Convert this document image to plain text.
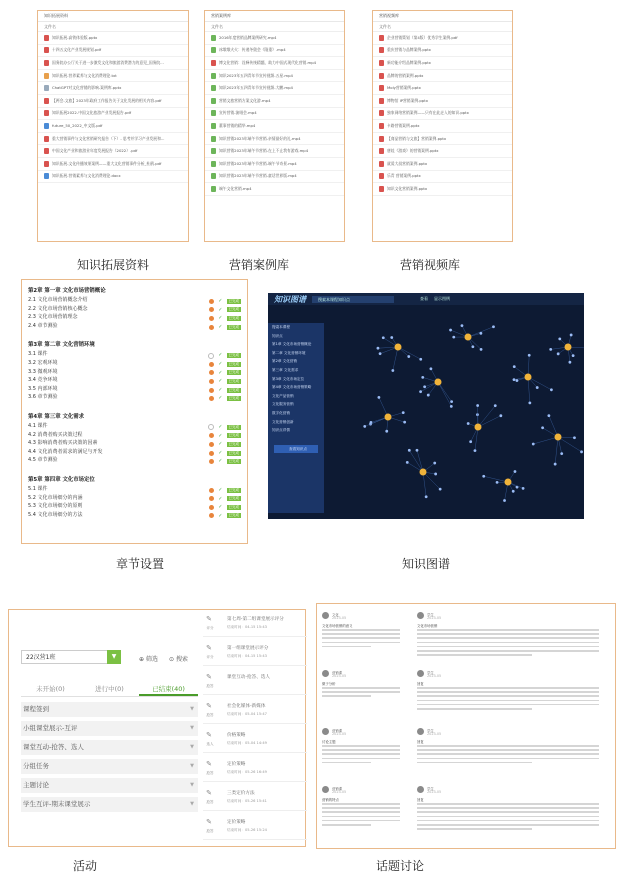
知识拓展资料
文件名
知识拓展-高铁体验版.pptx
十四五文化产业发展规划.pdf
国务院办公厅关于进一步激发文化和旅游消费潜力的意见_国务院...
知识拓展-营养素养与文化消费理论.txt
ChatGPT对文化营销的影响-案例库.pptx
【两会-文旅】2023年政府工作报告关于文化发展的相关内容.pdf
知识拓展2022-中国文化旅游产业发展报告.pdf
future_50_2022_中文版.pdf
重大营销事件与文化营销研究报告（下）- 思考并学习产业发展和...
中国文化产业和旅游业年度发展报告（2022）.pdf
知识拓展-文化传播效果案例——重大文化营销事件分析_杜鹃.pdf
知识拓展-营销素养与文化消费理论.docx
知识拓展资料
营销案例库
文件名
2016年度营销品牌案例研究.mp4
冰墩墩火火：传递冬奥会《隆重》.mp4
博文化营销：诠释传统精髓，助力中国式现代化营销.mp4
知识2023年五四青年节宣传视频-五星.mp4
知识2023年五四青年节宣传视频-大鹏.mp4
营销文旅营销方案文化游.mp4
宣传营销-演唱会.mp4
董事营销的精华.mp4
知识营销2023年端午节营销-亲情最好的礼.mp4
知识营销2023年端午节营销-在上不止我有游戏.mp4
知识营销2023年端午节营销-端午节奇景.mp4
知识营销2023年端午节营销-童话世界版.mp4
端午文化营销.mp4
营销案例库
营销视频库
文件名
企业营销策划（第4版）优秀学生案例.pdf
重庆营销与品牌案例.pptx
新功能介绍品牌案例.pptx
品牌的营销案例.pptx
Moly营销案例.pptx
博物馆 IP营销案例.pptx
独家网络营销案例——只有在此走入的知识.pptx
卡路营销案例.pptx
【商品营销与文旅】营销案例.pptx
唐娃《游戏》的营销案例.pptx
就爱大叔营销案例.pptx
乐青 营销案例.pptx
知识文化营销案例.pptx
营销视频库
第2章 第一章 文化市场营销概论
2.1 文化市场营销概念介绍	✓	已完成
2.2 文化市场营销核心概念	✓	已完成
2.3 文化市场营销理念	✓	已完成
2.4 章节测验	✓	已完成
第3章 第二章 文化营销环境
3.1 课件	✓	已完成
3.2 宏观环境	✓	已完成
3.3 微观环境	✓	已完成
3.4 竞争环境	✓	已完成
3.5 内部环境	✓	已完成
3.6 章节测验	✓	已完成
第4章 第三章 文化需求
4.1 课件	✓	已完成
4.2 消费者购买决策过程	✓	已完成
4.3 影响消费者购买决策的因素	✓	已完成
4.4 文化消费者需求的满足与开发	✓	已完成
4.5 章节测验	✓	已完成
第5章 第四章 文化市场定位
5.1 课件	✓	已完成
5.2 文化市场细分的内涵	✓	已完成
5.3 文化市场细分的原则	✓	已完成
5.4 文化市场细分的方法	✓	已完成
章节设置
知识图谱	搜索本课程知识点	查看 显示图例
搜索本课程
知识点
第1章 文化市场营销概论
第二章 文化营销环境
第2章 文化营销
第三章 文化需求
第3章 文化市场定位
第4章 文化市场营销策略
文化产品营销
文化服务营销
数字化营销
文化营销创新
知识点详情
查看知识点
知识图谱
22汉营1班	▼	⊕ 筛选 ⊙ 搜索
未开始(0)	进行中(0)	已结束(40)
课程签到	▼
小组课堂展示-互评	▼
课堂互动-抢答、选人	▼
分组任务	▼
主题讨论	▼
学生互评-期末课堂展示	▼
✎
评分
第七周-第二组课堂展示评分
结束时间：04-15 15:43
✎
评分
第一组课堂展示评分
结束时间：04-15 15:43
✎
抢答
课堂互动-抢答、选人
✎
抢答
社会化媒体-新媒体
结束时间：05-04 15:47
✎
选人
价格策略
结束时间：05-04 14:49
✎
抢答
定价策略
结束时间：05-26 16:49
✎
抢答
三类定价方法
结束时间：05-26 15:41
✎
抢答
定价策略
结束时间：05-26 15:24
活动
文化
2023-05
文化市场营销的意义
营销课
2023-05
微子分析
营销课
2023-05
讨论主题
营销课
2023-05
营销的特点
学生
2023-05
文化市场营销
学生
2023-05
回复
学生
2023-05
回复
学生
2023-05
回复
话题讨论
